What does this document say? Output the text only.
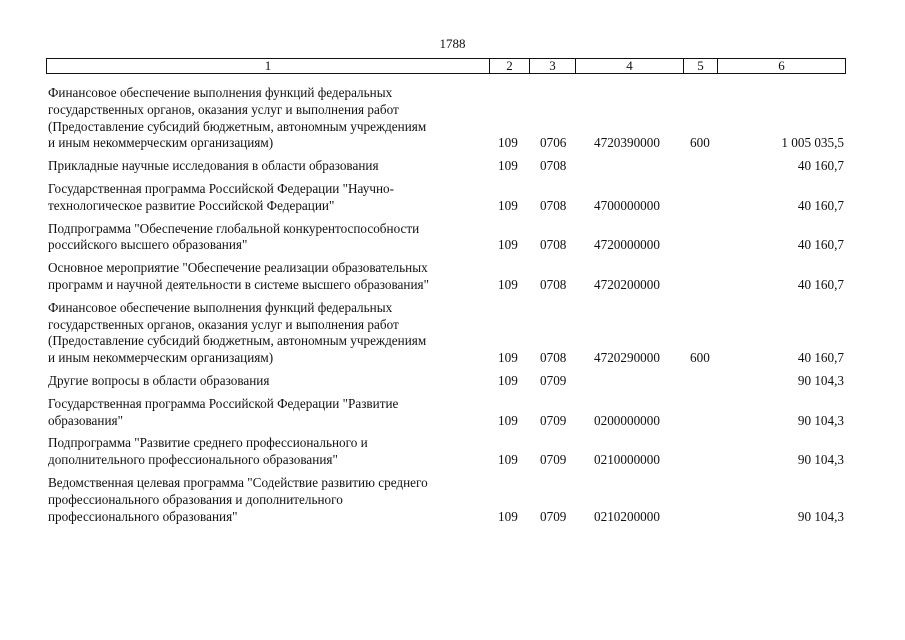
1788
1	2	3	4	5	6
Финансовое обеспечение выполнения функций федеральных
государственных органов, оказания услуг и выполнения работ
(Предоставление субсидий бюджетным, автономным учреждениям
и иным некоммерческим организациям)	109 0706 4720390000 600	1 005 035,5
Прикладные научные исследования в области образования	109 0708	40 160,7
Государственная программа Российской Федерации "Научно-
технологическое развитие Российской Федерации"	109 0708 4700000000	40 160,7
Подпрограмма "Обеспечение глобальной конкурентоспособности
российского высшего образования"	109 0708 4720000000	40 160,7
Основное мероприятие "Обеспечение реализации образовательных
программ и научной деятельности в системе высшего образования"	109 0708 4720200000	40 160,7
Финансовое обеспечение выполнения функций федеральных
государственных органов, оказания услуг и выполнения работ
(Предоставление субсидий бюджетным, автономным учреждениям
и иным некоммерческим организациям)	109 0708 4720290000 600	40 160,7
Другие вопросы в области образования	109 0709	90 104,3
Государственная программа Российской Федерации "Развитие
образования"	109 0709 0200000000	90 104,3
Подпрограмма "Развитие среднего профессионального и
дополнительного профессионального образования"	109 0709 0210000000	90 104,3
Ведомственная целевая программа "Содействие развитию среднего
профессионального образования и дополнительного
профессионального образования"	109 0709 0210200000	90 104,3
